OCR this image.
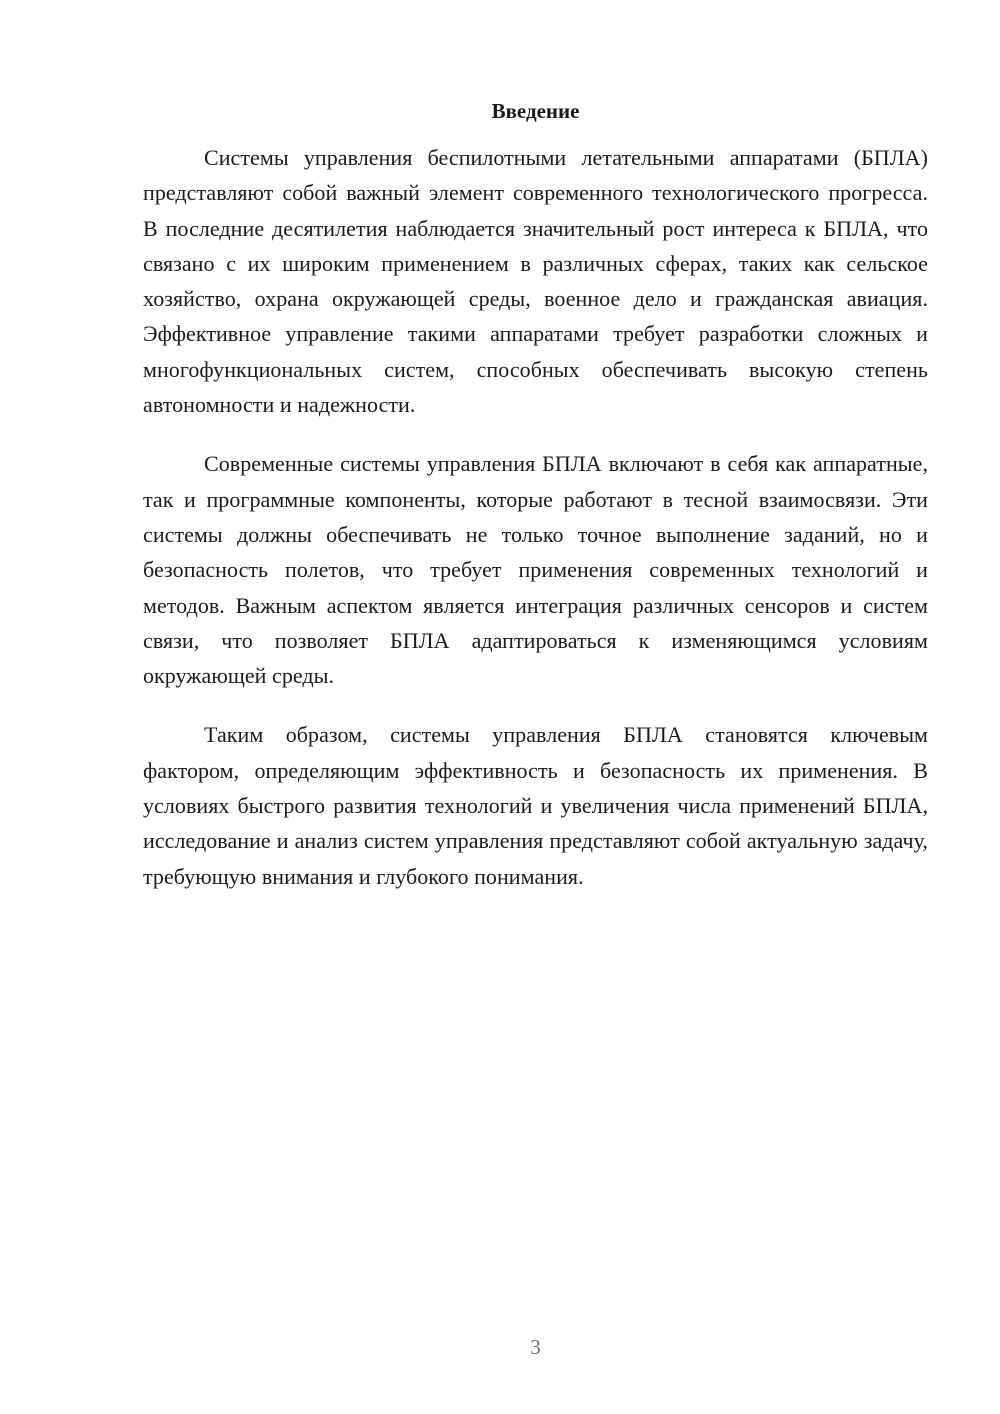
Введение

Системы управления беспилотными летательными аппаратами (БПЛА) представляют собой важный элемент современного технологического прогресса. В последние десятилетия наблюдается значительный рост интереса к БПЛА, что связано с их широким применением в различных сферах, таких как сельское хозяйство, охрана окружающей среды, военное дело и гражданская авиация. Эффективное управление такими аппаратами требует разработки сложных и многофункциональных систем, способных обеспечивать высокую степень автономности и надежности.

Современные системы управления БПЛА включают в себя как аппаратные, так и программные компоненты, которые работают в тесной взаимосвязи. Эти системы должны обеспечивать не только точное выполнение заданий, но и безопасность полетов, что требует применения современных технологий и методов. Важным аспектом является интеграция различных сенсоров и систем связи, что позволяет БПЛА адаптироваться к изменяющимся условиям окружающей среды.

Таким образом, системы управления БПЛА становятся ключевым фактором, определяющим эффективность и безопасность их применения. В условиях быстрого развития технологий и увеличения числа применений БПЛА, исследование и анализ систем управления представляют собой актуальную задачу, требующую внимания и глубокого понимания.

3
